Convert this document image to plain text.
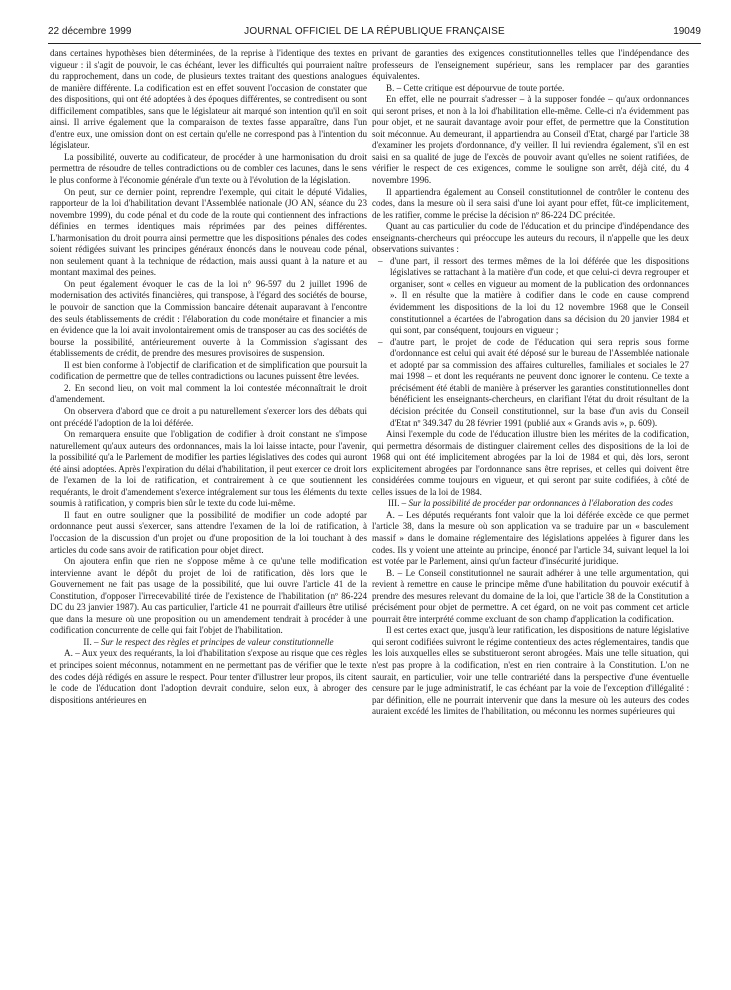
22 décembre 1999	JOURNAL OFFICIEL DE LA RÉPUBLIQUE FRANÇAISE	19049

dans certaines hypothèses bien déterminées, de la reprise à l'identique des textes en vigueur : il s'agit de pouvoir, le cas échéant, lever les difficultés qui pourraient naître du rapprochement, dans un code, de plusieurs textes traitant des questions analogues de manière différente. La codification est en effet souvent l'occasion de constater que des dispositions, qui ont été adoptées à des époques différentes, se contredisent ou sont difficilement compatibles, sans que le législateur ait marqué son intention qu'il en soit ainsi. Il arrive également que la comparaison de textes fasse apparaître, dans l'un d'entre eux, une omission dont on est certain qu'elle ne correspond pas à l'intention du législateur.

La possibilité, ouverte au codificateur, de procéder à une harmonisation du droit permettra de résoudre de telles contradictions ou de combler ces lacunes, dans le sens le plus conforme à l'économie générale d'un texte ou à l'évolution de la législation.

On peut, sur ce dernier point, reprendre l'exemple, qui citait le député Vidalies, rapporteur de la loi d'habilitation devant l'Assemblée nationale (JO AN, séance du 23 novembre 1999), du code pénal et du code de la route qui contiennent des infractions définies en termes identiques mais réprimées par des peines différentes. L'harmonisation du droit pourra ainsi permettre que les dispositions pénales des codes soient rédigées suivant les principes généraux énoncés dans le nouveau code pénal, non seulement quant à la technique de rédaction, mais aussi quant à la nature et au montant maximal des peines.

On peut également évoquer le cas de la loi n° 96-597 du 2 juillet 1996 de modernisation des activités financières, qui transpose, à l'égard des sociétés de bourse, le pouvoir de sanction que la Commission bancaire détenait auparavant à l'encontre des seuls établissements de crédit : l'élaboration du code monétaire et financier a mis en évidence que la loi avait involontairement omis de transposer au cas des sociétés de bourse la possibilité, antérieurement ouverte à la Commission s'agissant des établissements de crédit, de prendre des mesures provisoires de suspension.

Il est bien conforme à l'objectif de clarification et de simplification que poursuit la codification de permettre que de telles contradictions ou lacunes puissent être levées.

2. En second lieu, on voit mal comment la loi contestée méconnaîtrait le droit d'amendement.

On observera d'abord que ce droit a pu naturellement s'exercer lors des débats qui ont précédé l'adoption de la loi déférée.

On remarquera ensuite que l'obligation de codifier à droit constant ne s'impose naturellement qu'aux auteurs des ordonnances, mais la loi laisse intacte, pour l'avenir, la possibilité qu'a le Parlement de modifier les parties législatives des codes qui auront été ainsi adoptées. Après l'expiration du délai d'habilitation, il peut exercer ce droit lors de l'examen de la loi de ratification, et contrairement à ce que soutiennent les requérants, le droit d'amendement s'exerce intégralement sur tous les éléments du texte soumis à ratification, y compris bien sûr le texte du code lui-même.

Il faut en outre souligner que la possibilité de modifier un code adopté par ordonnance peut aussi s'exercer, sans attendre l'examen de la loi de ratification, à l'occasion de la discussion d'un projet ou d'une proposition de la loi touchant à des articles du code sans avoir de ratification pour objet direct.

On ajoutera enfin que rien ne s'oppose même à ce qu'une telle modification intervienne avant le dépôt du projet de loi de ratification, dès lors que le Gouvernement ne fait pas usage de la possibilité, que lui ouvre l'article 41 de la Constitution, d'opposer l'irrecevabilité tirée de l'existence de l'habilitation (nº 86-224 DC du 23 janvier 1987). Au cas particulier, l'article 41 ne pourrait d'ailleurs être utilisé que dans la mesure où une proposition ou un amendement tendrait à procéder à une codification concurrente de celle qui fait l'objet de l'habilitation.

II. – Sur le respect des règles et principes de valeur constitutionnelle

A. – Aux yeux des requérants, la loi d'habilitation s'expose au risque que ces règles et principes soient méconnus, notamment en ne permettant pas de vérifier que le texte des codes déjà rédigés en assure le respect. Pour tenter d'illustrer leur propos, ils citent le code de l'éducation dont l'adoption devrait conduire, selon eux, à abroger des dispositions antérieures en

privant de garanties des exigences constitutionnelles telles que l'indépendance des professeurs de l'enseignement supérieur, sans les remplacer par des garanties équivalentes.

B. – Cette critique est dépourvue de toute portée.

En effet, elle ne pourrait s'adresser – à la supposer fondée – qu'aux ordonnances qui seront prises, et non à la loi d'habilitation elle-même. Celle-ci n'a évidemment pas pour objet, et ne saurait davantage avoir pour effet, de permettre que la Constitution soit méconnue. Au demeurant, il appartiendra au Conseil d'Etat, chargé par l'article 38 d'examiner les projets d'ordonnance, d'y veiller. Il lui reviendra également, s'il en est saisi en sa qualité de juge de l'excès de pouvoir avant qu'elles ne soient ratifiées, de vérifier le respect de ces exigences, comme le souligne son arrêt, déjà cité, du 4 novembre 1996.

Il appartiendra également au Conseil constitutionnel de contrôler le contenu des codes, dans la mesure où il sera saisi d'une loi ayant pour effet, fût-ce implicitement, de les ratifier, comme le précise la décision nº 86-224 DC précitée.

Quant au cas particulier du code de l'éducation et du principe d'indépendance des enseignants-chercheurs qui préoccupe les auteurs du recours, il n'appelle que les deux observations suivantes :

– d'une part, il ressort des termes mêmes de la loi déférée que les dispositions législatives se rattachant à la matière d'un code, et que celui-ci devra regrouper et organiser, sont « celles en vigueur au moment de la publication des ordonnances ». Il en résulte que la matière à codifier dans le code en cause comprend évidemment les dispositions de la loi du 12 novembre 1968 que le Conseil constitutionnel a écartées de l'abrogation dans sa décision du 20 janvier 1984 et qui sont, par conséquent, toujours en vigueur ;
– d'autre part, le projet de code de l'éducation qui sera repris sous forme d'ordonnance est celui qui avait été déposé sur le bureau de l'Assemblée nationale et adopté par sa commission des affaires culturelles, familiales et sociales le 27 mai 1998 – et dont les requérants ne peuvent donc ignorer le contenu. Ce texte a précisément été établi de manière à préserver les garanties constitutionnelles dont bénéficient les enseignants-chercheurs, en clarifiant l'état du droit résultant de la décision précitée du Conseil constitutionnel, sur la base d'un avis du Conseil d'Etat nº 349.347 du 28 février 1991 (publié aux « Grands avis », p. 609).

Ainsi l'exemple du code de l'éducation illustre bien les mérites de la codification, qui permettra désormais de distinguer clairement celles des dispositions de la loi de 1968 qui ont été implicitement abrogées par la loi de 1984 et qui, dès lors, seront explicitement abrogées par l'ordonnance sans être reprises, et celles qui doivent être considérées comme toujours en vigueur, et qui seront par suite codifiées, à côté de celles issues de la loi de 1984.

III. – Sur la possibilité de procéder par ordonnances à l'élaboration des codes

A. – Les députés requérants font valoir que la loi déférée excède ce que permet l'article 38, dans la mesure où son application va se traduire par un « basculement massif » dans le domaine réglementaire des législations appelées à figurer dans les codes. Ils y voient une atteinte au principe, énoncé par l'article 34, suivant lequel la loi est votée par le Parlement, ainsi qu'un facteur d'insécurité juridique.

B. – Le Conseil constitutionnel ne saurait adhérer à une telle argumentation, qui revient à remettre en cause le principe même d'une habilitation du pouvoir exécutif à prendre des mesures relevant du domaine de la loi, que l'article 38 de la Constitution a précisément pour objet de permettre. A cet égard, on ne voit pas comment cet article pourrait être interprété comme excluant de son champ d'application la codification.

Il est certes exact que, jusqu'à leur ratification, les dispositions de nature législative qui seront codifiées suivront le régime contentieux des actes réglementaires, tandis que les lois auxquelles elles se substitueront seront abrogées. Mais une telle situation, qui n'est pas propre à la codification, n'est en rien contraire à la Constitution. L'on ne saurait, en particulier, voir une telle contrariété dans la perspective d'une éventuelle censure par le juge administratif, le cas échéant par la voie de l'exception d'illégalité : par définition, elle ne pourrait intervenir que dans la mesure où les auteurs des codes auraient excédé les limites de l'habilitation, ou méconnu les normes supérieures qui
